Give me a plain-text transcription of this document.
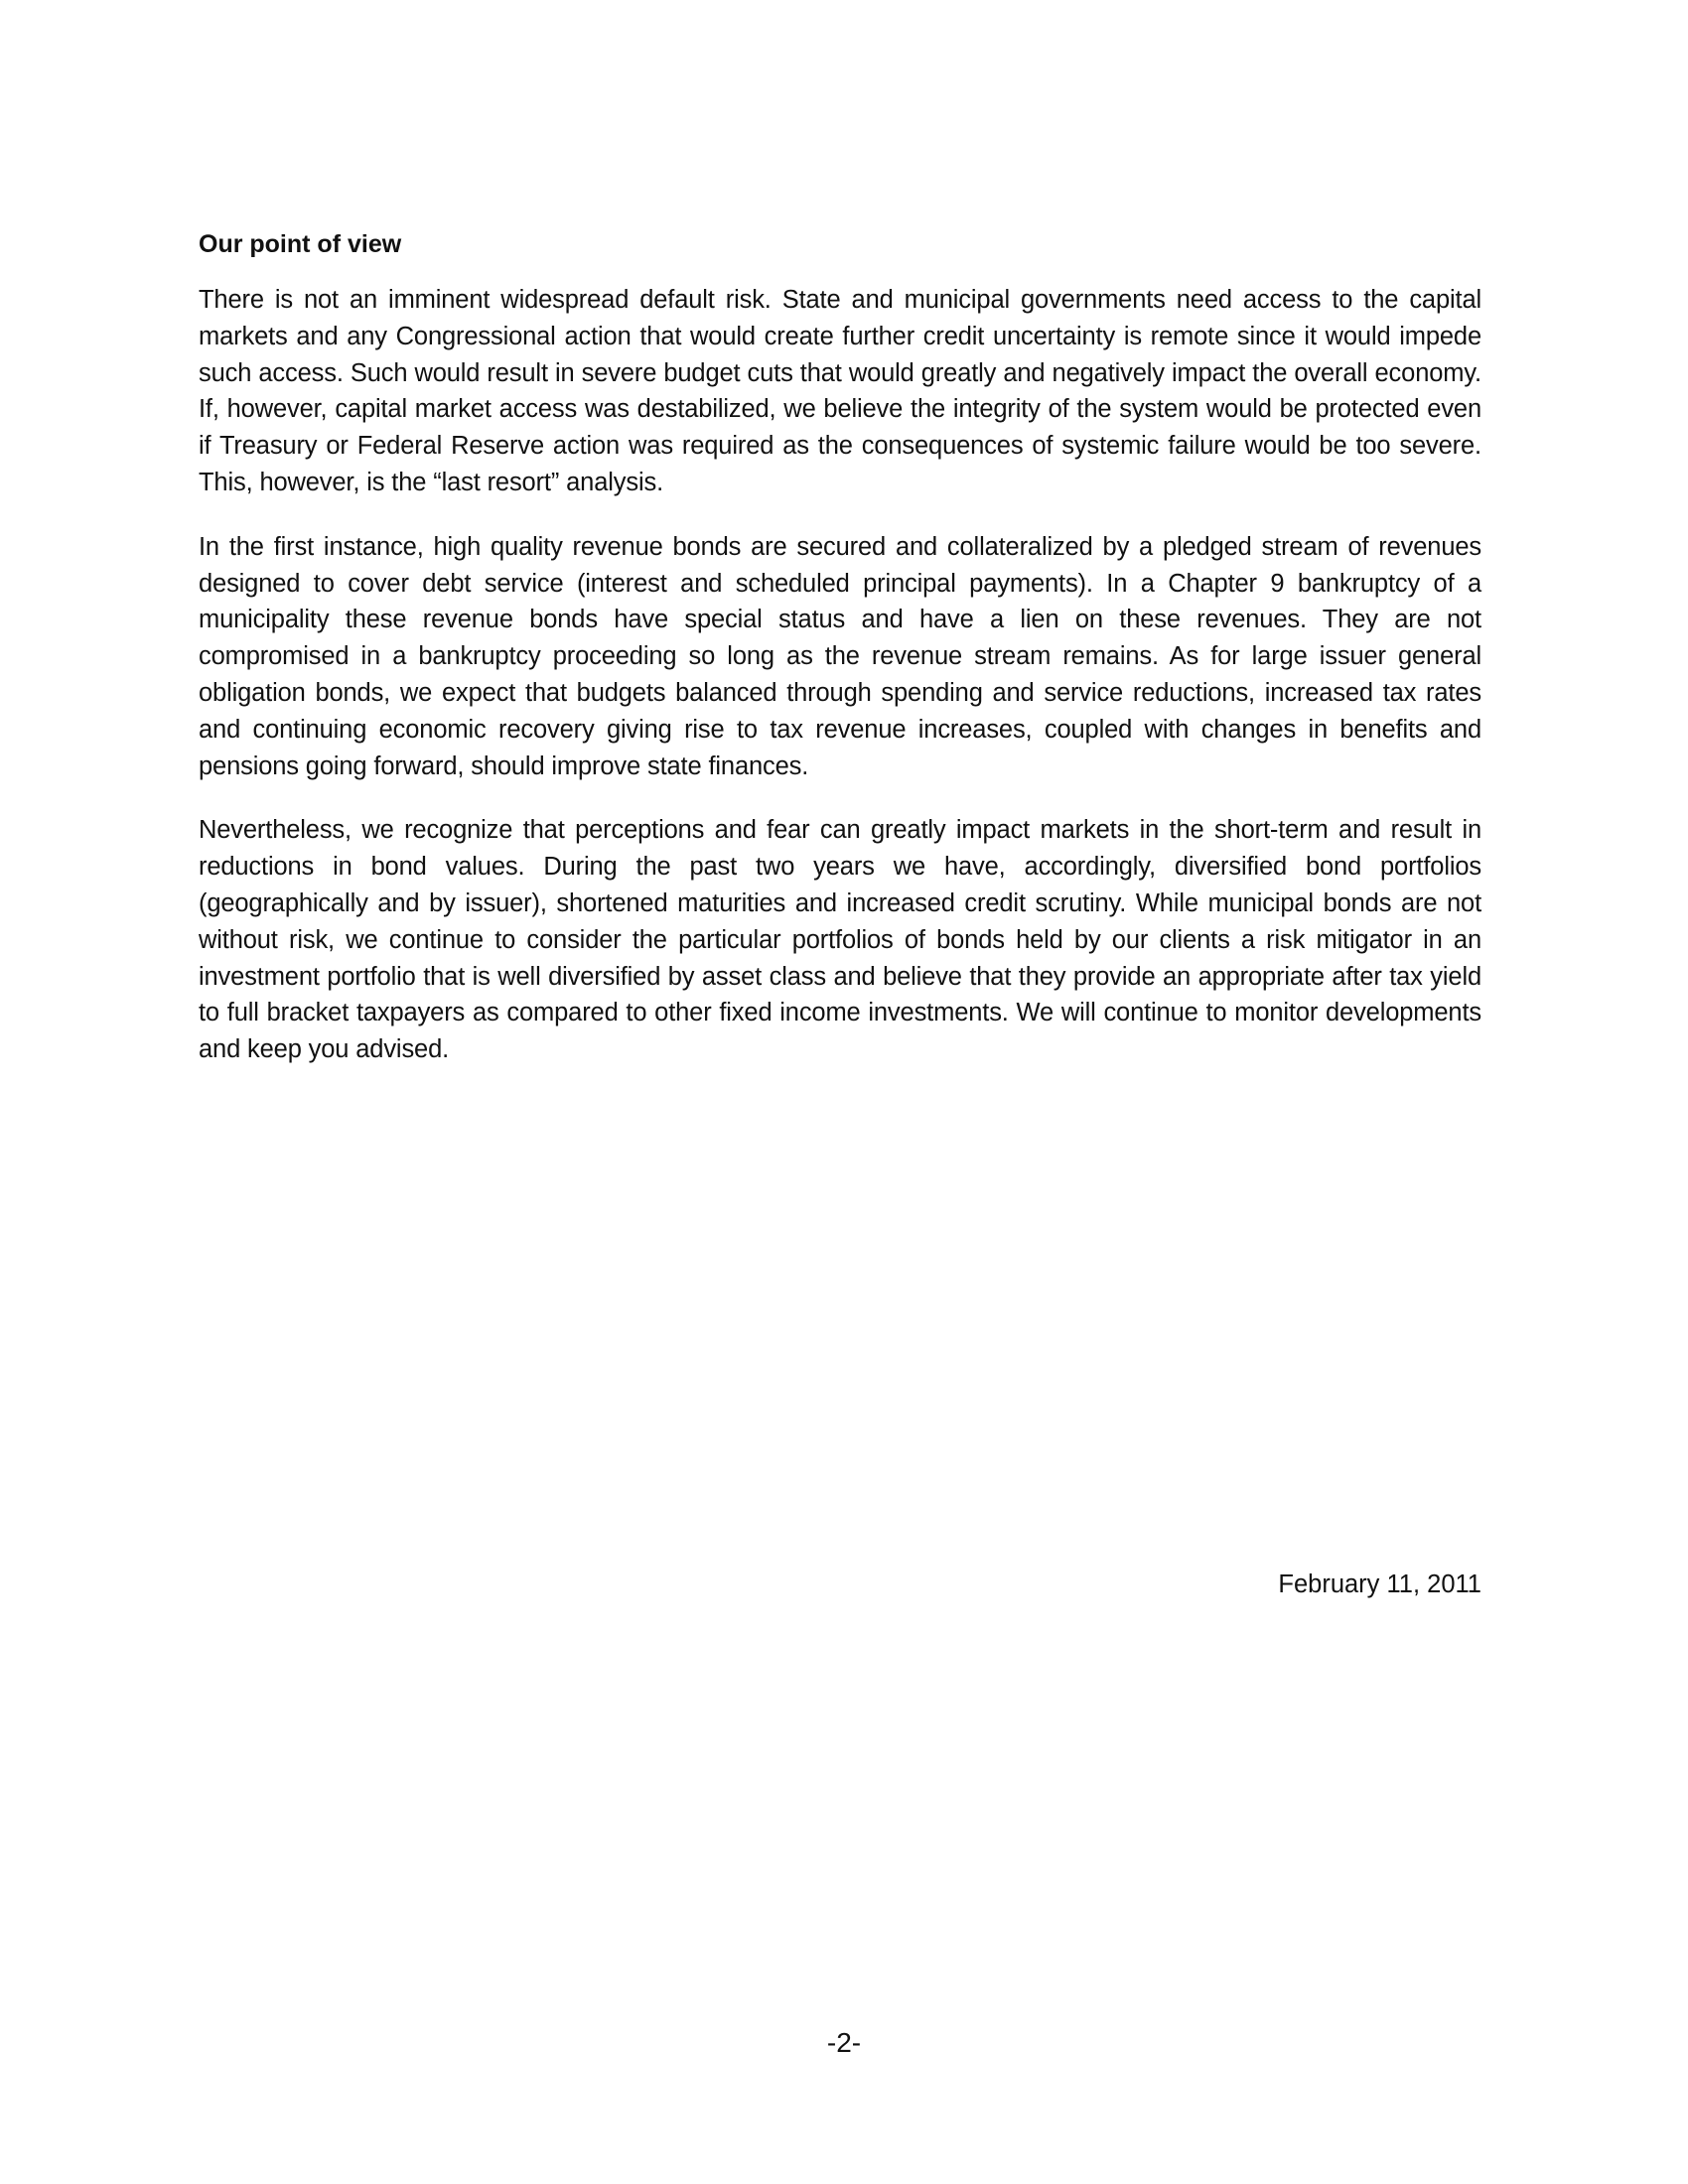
Our point of view

There is not an imminent widespread default risk. State and municipal governments need access to the capital markets and any Congressional action that would create further credit uncertainty is remote since it would impede such access. Such would result in severe budget cuts that would greatly and negatively impact the overall economy. If, however, capital market access was destabilized, we believe the integrity of the system would be protected even if Treasury or Federal Reserve action was required as the consequences of systemic failure would be too severe. This, however, is the “last resort” analysis.

In the first instance, high quality revenue bonds are secured and collateralized by a pledged stream of revenues designed to cover debt service (interest and scheduled principal payments). In a Chapter 9 bankruptcy of a municipality these revenue bonds have special status and have a lien on these revenues. They are not compromised in a bankruptcy proceeding so long as the revenue stream remains. As for large issuer general obligation bonds, we expect that budgets balanced through spending and service reductions, increased tax rates and continuing economic recovery giving rise to tax revenue increases, coupled with changes in benefits and pensions going forward, should improve state finances.

Nevertheless, we recognize that perceptions and fear can greatly impact markets in the short-term and result in reductions in bond values. During the past two years we have, accordingly, diversified bond portfolios (geographically and by issuer), shortened maturities and increased credit scrutiny. While municipal bonds are not without risk, we continue to consider the particular portfolios of bonds held by our clients a risk mitigator in an investment portfolio that is well diversified by asset class and believe that they provide an appropriate after tax yield to full bracket taxpayers as compared to other fixed income investments. We will continue to monitor developments and keep you advised.

February 11, 2011
-2-
